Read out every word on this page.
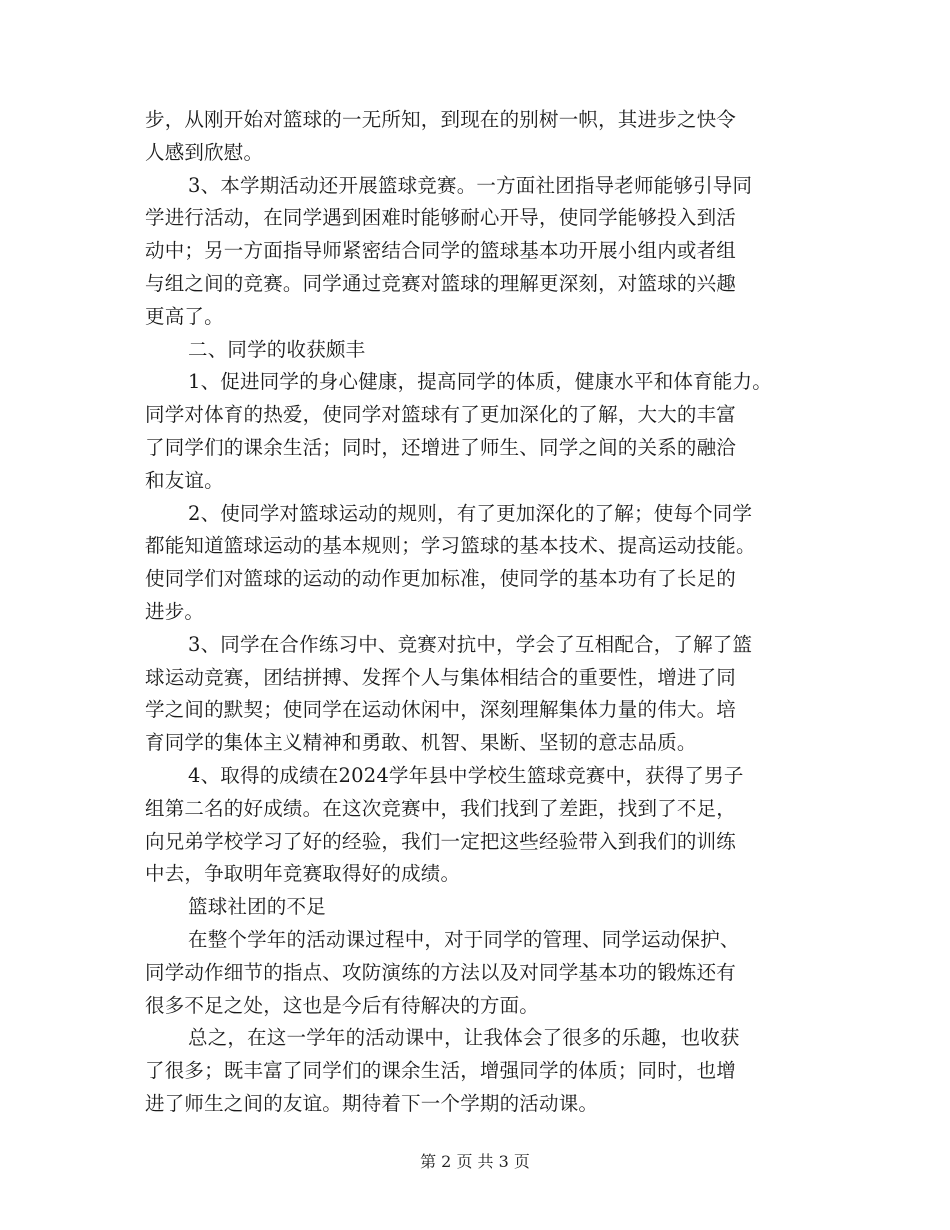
步，从刚开始对篮球的一无所知，到现在的别树一帜，其进步之快令
人感到欣慰。
3、本学期活动还开展篮球竞赛。一方面社团指导老师能够引导同
学进行活动，在同学遇到困难时能够耐心开导，使同学能够投入到活
动中；另一方面指导师紧密结合同学的篮球基本功开展小组内或者组
与组之间的竞赛。同学通过竞赛对篮球的理解更深刻，对篮球的兴趣
更高了。
二、同学的收获颇丰
1、促进同学的身心健康，提高同学的体质，健康水平和体育能力。
同学对体育的热爱，使同学对篮球有了更加深化的了解，大大的丰富
了同学们的课余生活；同时，还增进了师生、同学之间的关系的融洽
和友谊。
2、使同学对篮球运动的规则，有了更加深化的了解；使每个同学
都能知道篮球运动的基本规则；学习篮球的基本技术、提高运动技能。
使同学们对篮球的运动的动作更加标准，使同学的基本功有了长足的
进步。
3、同学在合作练习中、竞赛对抗中，学会了互相配合，了解了篮
球运动竞赛，团结拼搏、发挥个人与集体相结合的重要性，增进了同
学之间的默契；使同学在运动休闲中，深刻理解集体力量的伟大。培
育同学的集体主义精神和勇敢、机智、果断、坚韧的意志品质。
4、取得的成绩在2024学年县中学校生篮球竞赛中，获得了男子
组第二名的好成绩。在这次竞赛中，我们找到了差距，找到了不足，
向兄弟学校学习了好的经验，我们一定把这些经验带入到我们的训练
中去，争取明年竞赛取得好的成绩。
篮球社团的不足
在整个学年的活动课过程中，对于同学的管理、同学运动保护、
同学动作细节的指点、攻防演练的方法以及对同学基本功的锻炼还有
很多不足之处，这也是今后有待解决的方面。
总之，在这一学年的活动课中，让我体会了很多的乐趣，也收获
了很多；既丰富了同学们的课余生活，增强同学的体质；同时，也增
进了师生之间的友谊。期待着下一个学期的活动课。
第 2 页 共 3 页
